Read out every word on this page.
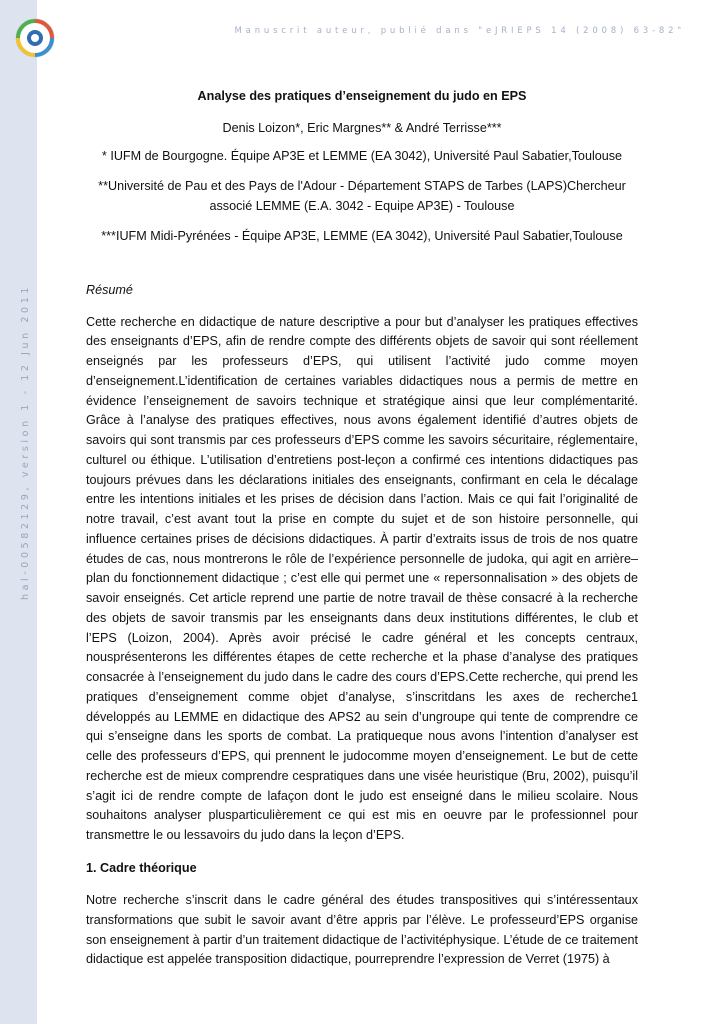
Manuscrit auteur, publié dans "eJRIEPS 14 (2008) 63-82"
hal-00582129, version 1 - 12 Jun 2011

Analyse des pratiques d’enseignement du judo en EPS

Denis Loizon*, Eric Margnes** & André Terrisse***

* IUFM de Bourgogne. Équipe AP3E et LEMME (EA 3042), Université Paul Sabatier,Toulouse

**Université de Pau et des Pays de l'Adour - Département STAPS de Tarbes (LAPS)Chercheur associé LEMME (E.A. 3042 - Equipe AP3E) - Toulouse

***IUFM Midi-Pyrénées - Équipe AP3E, LEMME (EA 3042), Université Paul Sabatier,Toulouse

Résumé

Cette recherche en didactique de nature descriptive a pour but d’analyser les pratiques effectives des enseignants d’EPS, afin de rendre compte des différents objets de savoir qui sont réellement enseignés par les professeurs d’EPS, qui utilisent l’activité judo comme moyen d’enseignement.L’identification de certaines variables didactiques nous a permis de mettre en évidence l’enseignement de savoirs technique et stratégique ainsi que leur complémentarité. Grâce à l’analyse des pratiques effectives, nous avons également identifié d’autres objets de savoirs qui sont transmis par ces professeurs d’EPS comme les savoirs sécuritaire, réglementaire, culturel ou éthique. L’utilisation d’entretiens post-leçon a confirmé ces intentions didactiques pas toujours prévues dans les déclarations initiales des enseignants, confirmant en cela le décalage entre les intentions initiales et les prises de décision dans l’action. Mais ce qui fait l’originalité de notre travail, c’est avant tout la prise en compte du sujet et de son histoire personnelle, qui influence certaines prises de décisions didactiques. À partir d’extraits issus de trois de nos quatre études de cas, nous montrerons le rôle de l’expérience personnelle de judoka, qui agit en arrière–plan du fonctionnement didactique ; c’est elle qui permet une « repersonnalisation » des objets de savoir enseignés. Cet article reprend une partie de notre travail de thèse consacré à la recherche des objets de savoir transmis par les enseignants dans deux institutions différentes, le club et l’EPS (Loizon, 2004). Après avoir précisé le cadre général et les concepts centraux, nousprésenterons les différentes étapes de cette recherche et la phase d’analyse des pratiques consacrée à l’enseignement du judo dans le cadre des cours d’EPS.Cette recherche, qui prend les pratiques d’enseignement comme objet d’analyse, s’inscritdans les axes de recherche1 développés au LEMME en didactique des APS2 au sein d’ungroupe qui tente de comprendre ce qui s’enseigne dans les sports de combat. La pratiqueque nous avons l’intention d’analyser est celle des professeurs d’EPS, qui prennent le judocomme moyen d’enseignement. Le but de cette recherche est de mieux comprendre cespratiques dans une visée heuristique (Bru, 2002), puisqu’il s’agit ici de rendre compte de lafaçon dont le judo est enseigné dans le milieu scolaire. Nous souhaitons analyser plusparticulièrement ce qui est mis en oeuvre par le professionnel pour transmettre le ou lessavoirs du judo dans la leçon d’EPS.

1. Cadre théorique

Notre recherche s’inscrit dans le cadre général des études transpositives qui s’intéressentaux transformations que subit le savoir avant d’être appris par l’élève. Le professeurd’EPS organise son enseignement à partir d’un traitement didactique de l’activitéphysique. L’étude de ce traitement didactique est appelée transposition didactique, pourreprendre l’expression de Verret (1975) à
